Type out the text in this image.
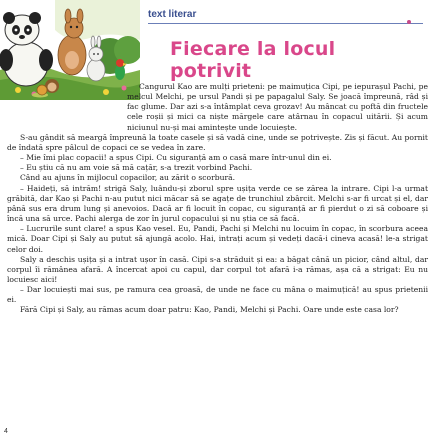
text literar
Fiecare la locul potrivit

Cangurul Kao are mulți prieteni: pe maimuțica Cipi, pe iepurașul Pachi, pe melcul Melchi, pe ursul Pandi și pe papagalul Saly. Se joacă împreună, râd și fac glume. Dar azi s-a întâmplat ceva grozav! Au mâncat cu poftă din fructele cele roșii și mici ca niște mărgele care atârnau în copacul uitării. Și acum niciunul nu-și mai amintește unde locuiește.

S-au gândit să meargă împreună la toate casele și să vadă cine, unde se potrivește. Zis și făcut. Au pornit de îndată spre pâlcul de copaci ce se vedea în zare.

– Mie îmi plac copacii! a spus Cipi. Cu siguranță am o casă mare într-unul din ei.

– Eu știu că nu am voie să mă cațăr, s-a trezit vorbind Pachi.

Când au ajuns în mijlocul copacilor, au zărit o scorbură.

– Haideți, să intrăm! strigă Saly, luându-și zborul spre ușița verde ce se zărea la intrare. Cipi l-a urmat grăbită, dar Kao și Pachi n-au putut nici măcar să se agațe de trunchiul zbârcit. Melchi s-ar fi urcat și el, dar până sus era drum lung și anevoios. Dacă ar fi locuit în copac, cu siguranță ar fi pierdut o zi să coboare și încă una să urce. Pachi alerga de zor în jurul copacului și nu știa ce să facă.

– Lucrurile sunt clare! a spus Kao vesel. Eu, Pandi, Pachi și Melchi nu locuim în copac, în scorbura aceea mică. Doar Cipi și Saly au putut să ajungă acolo. Hai, intrați acum și vedeți dacă-i cineva acasă! le-a strigat celor doi.

Saly a deschis ușița și a intrat ușor în casă. Cipi s-a străduit și ea: a băgat cână un picior, când altul, dar corpul îi rămânea afară. A încercat apoi cu capul, dar corpul tot afară i-a rămas, așa că a strigat: Eu nu locuiesc aici!

– Dar locuiești mai sus, pe ramura cea groasă, de unde ne face cu mâna o maimuțică! au spus prietenii ei.

Fără Cipi și Saly, au rămas acum doar patru: Kao, Pandi, Melchi și Pachi. Oare unde este casa lor?

4
